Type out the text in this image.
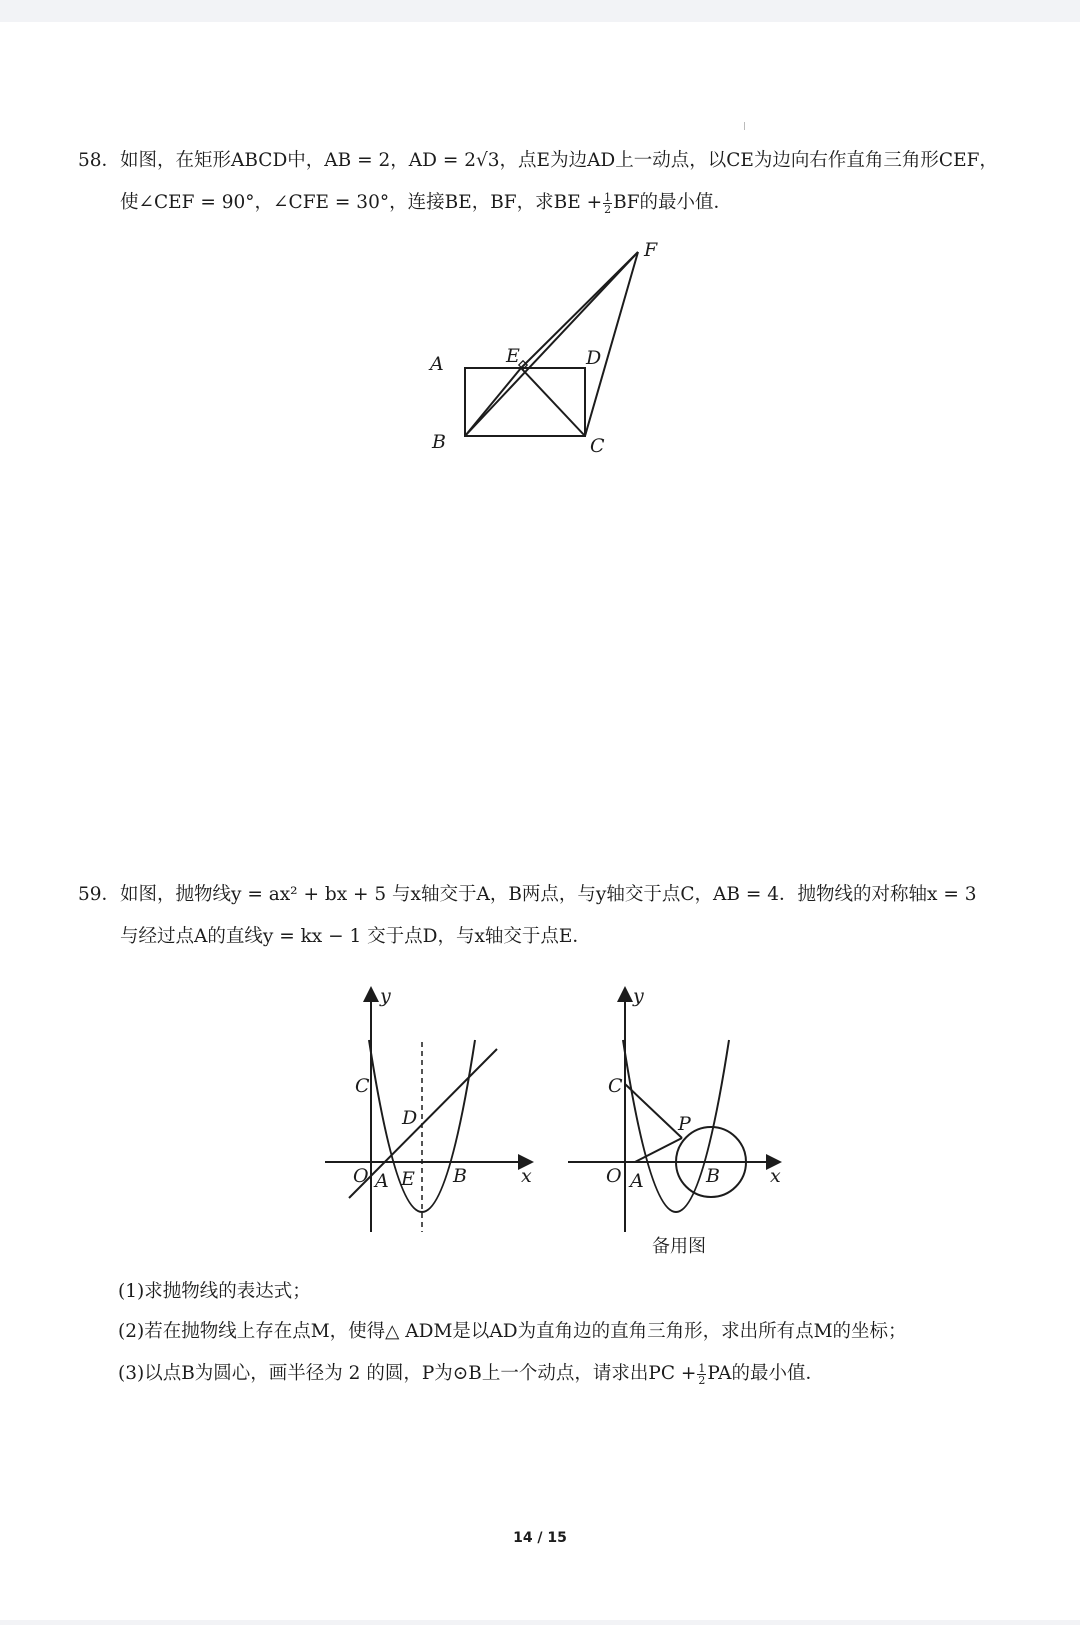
58．如图，在矩形ABCD中，AB = 2，AD = 2√3，点E为边AD上一动点，以CE为边向右作直角三角形CEF，
使∠CEF = 90°，∠CFE = 30°，连接BE，BF，求BE + $\frac{1}{2}$ BF的最小值．
A	E	D
B	C
F
59．如图，抛物线y = ax² + bx + 5 与x轴交于A，B两点，与y轴交于点C，AB = 4．抛物线的对称轴x = 3
与经过点A的直线y = kx − 1 交于点D，与x轴交于点E．
y
x
C
D
O A E B
C
P
O A	B	x
y
备用图
(1)求抛物线的表达式；
(2)若在抛物线上存在点M，使得△ ADM是以AD为直角边的直角三角形，求出所有点M的坐标；
(3)以点B为圆心，画半径为 2 的圆，P为⊙B上一个动点，请求出PC + $\frac{1}{2}$ PA的最小值．
14 / 15
